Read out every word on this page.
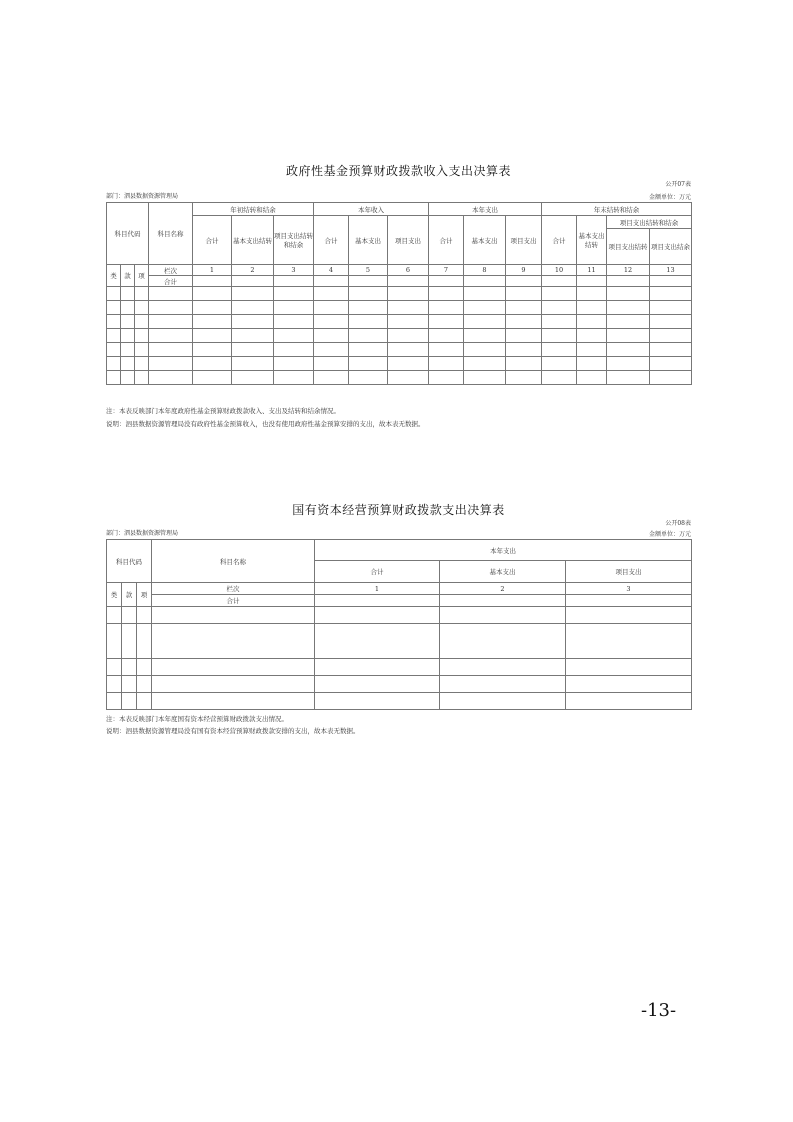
政府性基金预算财政拨款收入支出决算表
公开07表
部门：泗县数据资源管理局	金额单位：万元
科目代码			科目名称	年初结转和结余			本年收入			本年支出			年末结转和结余			
				合计	基本支出结转	项目支出结转和结余	合计	基本支出	项目支出	合计	基本支出	项目支出	合计	基本支出结转	项目支出结转和结余	
															项目支出结转	项目支出结余
类	款	项	栏次	1	2	3	4	5	6	7	8	9	10	11	12	13
			合计													

注：本表反映部门本年度政府性基金预算财政拨款收入、支出及结转和结余情况。
说明：泗县数据资源管理局没有政府性基金预算收入，也没有使用政府性基金预算安排的支出，故本表无数据。
国有资本经营预算财政拨款支出决算表
公开08表
部门：泗县数据资源管理局	金额单位：万元
科目代码			科目名称	本年支出		
				合计	基本支出	项目支出
类	款	项	栏次	1	2	3
			合计			

注：本表反映部门本年度国有资本经营预算财政拨款支出情况。
说明：泗县数据资源管理局没有国有资本经营预算财政拨款安排的支出，故本表无数据。
-13-
